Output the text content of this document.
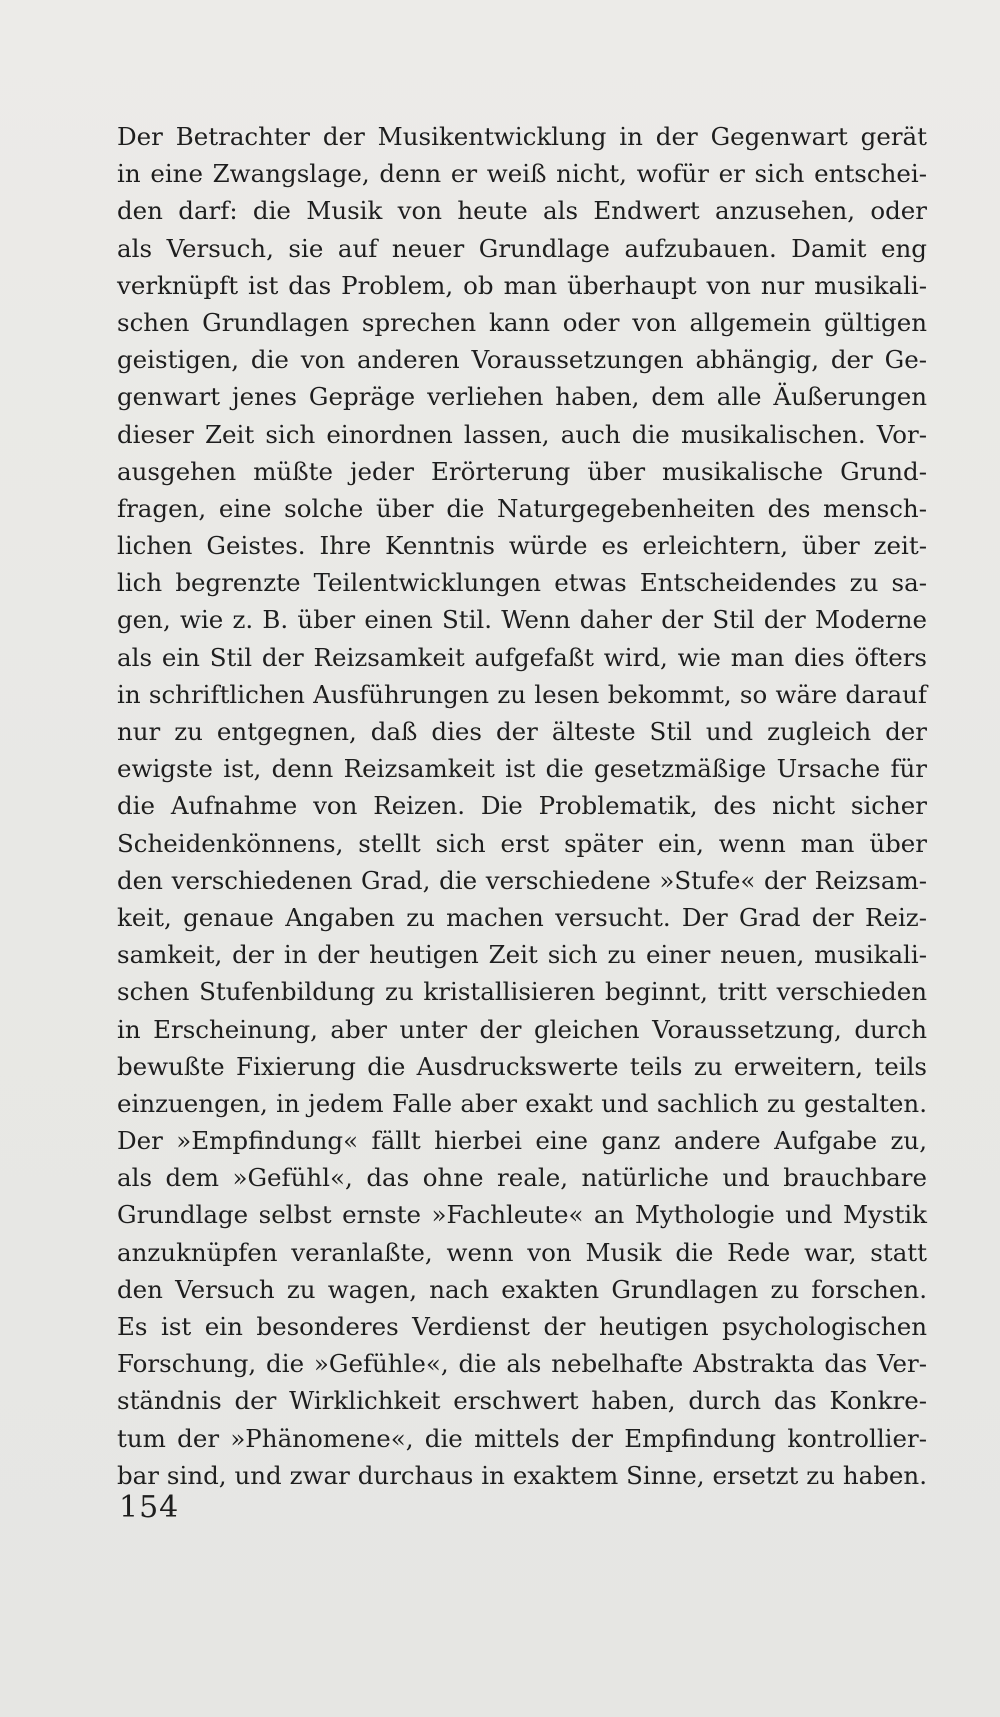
Der Betrachter der Musikentwicklung in der Gegenwart gerät
in eine Zwangslage, denn er weiß nicht, wofür er sich entschei-
den darf: die Musik von heute als Endwert anzusehen, oder
als Versuch, sie auf neuer Grundlage aufzubauen. Damit eng
verknüpft ist das Problem, ob man überhaupt von nur musikali-
schen Grundlagen sprechen kann oder von allgemein gültigen
geistigen, die von anderen Voraussetzungen abhängig, der Ge-
genwart jenes Gepräge verliehen haben, dem alle Äußerungen
dieser Zeit sich einordnen lassen, auch die musikalischen. Vor-
ausgehen müßte jeder Erörterung über musikalische Grund-
fragen, eine solche über die Naturgegebenheiten des mensch-
lichen Geistes. Ihre Kenntnis würde es erleichtern, über zeit-
lich begrenzte Teilentwicklungen etwas Entscheidendes zu sa-
gen, wie z. B. über einen Stil. Wenn daher der Stil der Moderne
als ein Stil der Reizsamkeit aufgefaßt wird, wie man dies öfters
in schriftlichen Ausführungen zu lesen bekommt, so wäre darauf
nur zu entgegnen, daß dies der älteste Stil und zugleich der
ewigste ist, denn Reizsamkeit ist die gesetzmäßige Ursache für
die Aufnahme von Reizen. Die Problematik, des nicht sicher
Scheidenkönnens, stellt sich erst später ein, wenn man über
den verschiedenen Grad, die verschiedene »Stufe« der Reizsam-
keit, genaue Angaben zu machen versucht. Der Grad der Reiz-
samkeit, der in der heutigen Zeit sich zu einer neuen, musikali-
schen Stufenbildung zu kristallisieren beginnt, tritt verschieden
in Erscheinung, aber unter der gleichen Voraussetzung, durch
bewußte Fixierung die Ausdruckswerte teils zu erweitern, teils
einzuengen, in jedem Falle aber exakt und sachlich zu gestalten.
Der »Empfindung« fällt hierbei eine ganz andere Aufgabe zu,
als dem »Gefühl«, das ohne reale, natürliche und brauchbare
Grundlage selbst ernste »Fachleute« an Mythologie und Mystik
anzuknüpfen veranlaßte, wenn von Musik die Rede war, statt
den Versuch zu wagen, nach exakten Grundlagen zu forschen.
Es ist ein besonderes Verdienst der heutigen psychologischen
Forschung, die »Gefühle«, die als nebelhafte Abstrakta das Ver-
ständnis der Wirklichkeit erschwert haben, durch das Konkre-
tum der »Phänomene«, die mittels der Empfindung kontrollier-
bar sind, und zwar durchaus in exaktem Sinne, ersetzt zu haben.
154
